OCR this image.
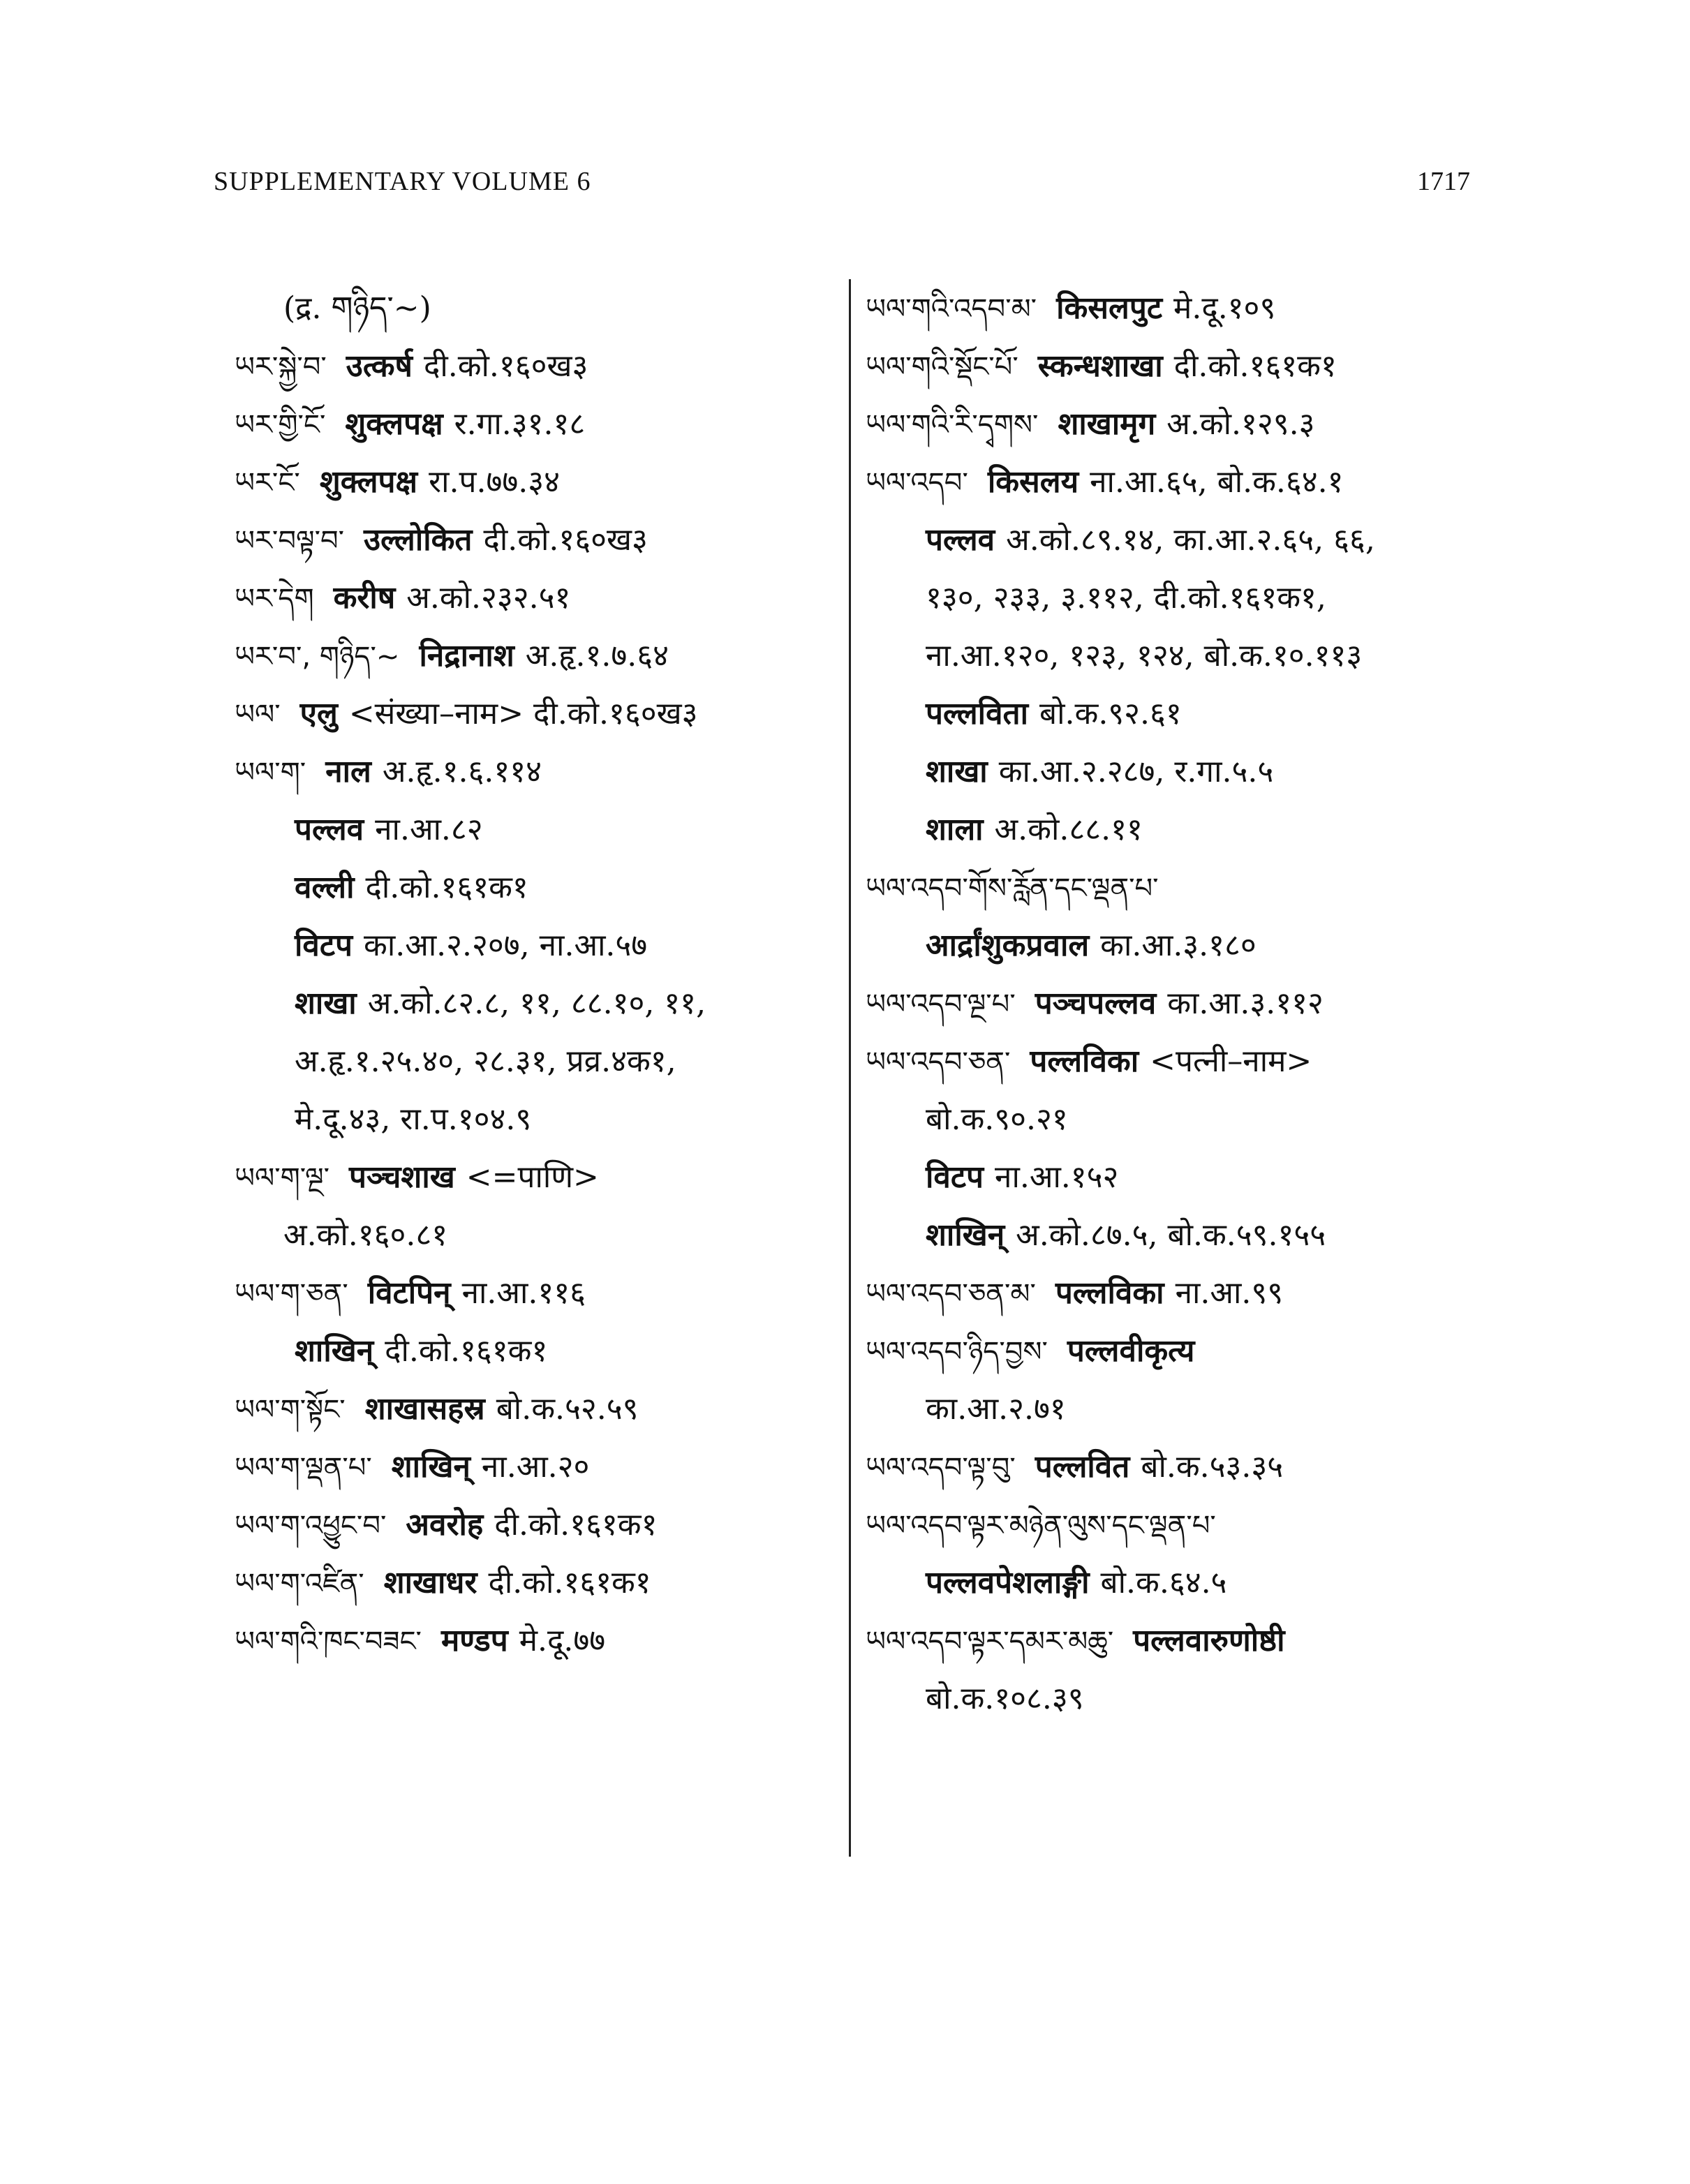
SUPPLEMENTARY VOLUME 6	1717
(द्र. གཉིད་~)
ཡར་སྐྱེ་བ་ उत्कर्ष दी.को.१६०ख३
ཡར་གྱི་ངོ་ शुक्लपक्ष र.गा.३१.१८
ཡར་ངོ་ शुक्लपक्ष रा.प.७७.३४
ཡར་བལྟ་བ་ उल्लोकित दी.को.१६०ख३
ཡར་དེག करीष अ.को.२३२.५१
ཡར་བ་, གཉིད་~ निद्रानाश अ.हृ.१.७.६४
ཡལ་ एलु <संख्या–नाम> दी.को.१६०ख३
ཡལ་ག་ नाल अ.हृ.१.६.११४
पल्लव ना.आ.८२
वल्ली दी.को.१६१क१
विटप का.आ.२.२०७, ना.आ.५७
शाखा अ.को.८२.८, ११, ८८.१०, ११,
अ.हृ.१.२५.४०, २८.३१, प्रव्र.४क१,
मे.दू.४३, रा.प.१०४.९
ཡལ་ག་ལྔ་ पञ्चशाख <=पाणि>
अ.को.१६०.८१
ཡལ་ག་ཅན་ विटपिन् ना.आ.११६
शाखिन् दी.को.१६१क१
ཡལ་ག་སྟོང་ शाखासहस्र बो.क.५२.५९
ཡལ་ག་ལྡན་པ་ शाखिन् ना.आ.२०
ཡལ་ག་འཕྱུང་བ་ अवरोह दी.को.१६१क१
ཡལ་ག་འཛིན་ शाखाधर दी.को.१६१क१
ཡལ་གའི་ཁང་བཟང་ मण्डप मे.दू.७७
ཡལ་གའི་འདབ་མ་ किसलपुट मे.दू.१०९
ཡལ་གའི་སྡོང་པོ་ स्कन्धशाखा दी.को.१६१क१
ཡལ་གའི་རི་དྭགས་ शाखामृग अ.को.१२९.३
ཡལ་འདབ་ किसलय ना.आ.६५, बो.क.६४.१
पल्लव अ.को.८९.१४, का.आ.२.६५, ६६,
१३०, २३३, ३.११२, दी.को.१६१क१,
ना.आ.१२०, १२३, १२४, बो.क.१०.११३
पल्लविता बो.क.९२.६१
शाखा का.आ.२.२८७, र.गा.५.५
शाला अ.को.८८.११
ཡལ་འདབ་གོས་རློན་དང་ལྡན་པ་
आर्द्रांशुकप्रवाल का.आ.३.१८०
ཡལ་འདབ་ལྔ་པ་ पञ्चपल्लव का.आ.३.११२
ཡལ་འདབ་ཅན་ पल्लविका <पत्नी–नाम>
बो.क.९०.२१
विटप ना.आ.१५२
शाखिन् अ.को.८७.५, बो.क.५९.१५५
ཡལ་འདབ་ཅན་མ་ पल्लविका ना.आ.९९
ཡལ་འདབ་ཉིད་བྱས་ पल्लवीकृत्य
का.आ.२.७१
ཡལ་འདབ་ལྟ་བུ་ पल्लवित बो.क.५३.३५
ཡལ་འདབ་ལྟར་མཉེན་ལུས་དང་ལྡན་པ་
पल्लवपेशलाङ्गी बो.क.६४.५
ཡལ་འདབ་ལྟར་དམར་མཆུ་ पल्लवारुणोष्ठी
बो.क.१०८.३९
